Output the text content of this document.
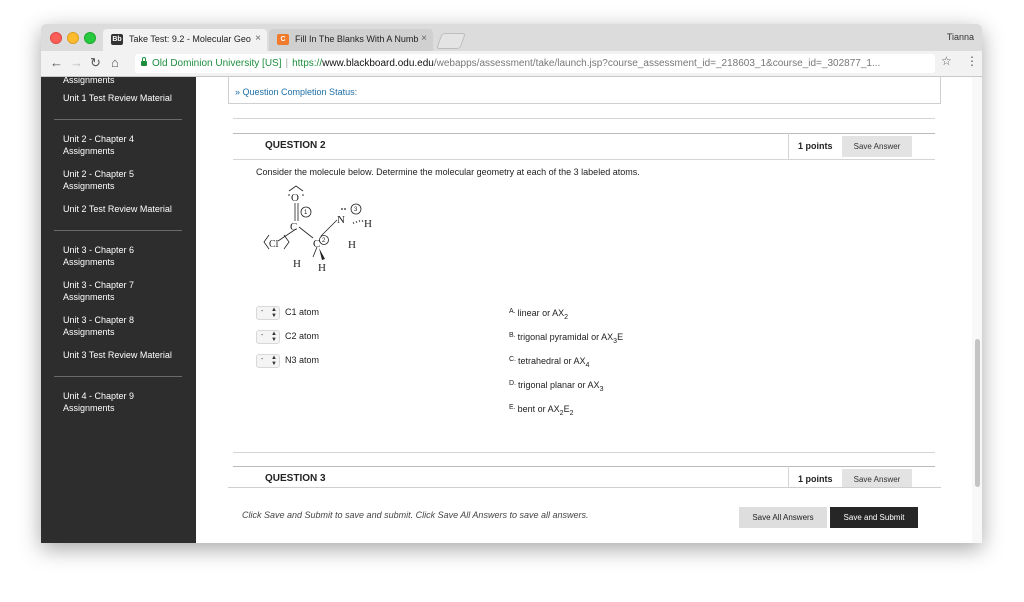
Bb Take Test: 9.2 - Molecular Geo ×	C	Fill In The Blanks With A Numb ×	Tianna
← → ↻ ⌂	Old Dominion University [US] | https://www.blackboard.odu.edu/webapps/assessment/take/launch.jsp?course_assessment_id=_218603_1&course_id=_302877_1...	☆ ⋮
Assignments
Unit 1 Test Review Material
Unit 2 - Chapter 4
Assignments
Unit 2 - Chapter 5
Assignments
Unit 2 Test Review Material
Unit 3 - Chapter 6
Assignments
Unit 3 - Chapter 7
Assignments
Unit 3 - Chapter 8
Assignments
Unit 3 Test Review Material
Unit 4 - Chapter 9
Assignments
» Question Completion Status:
QUESTION 2	1 points	Save Answer
Consider the molecule below. Determine the molecular geometry at each of the 3 labeled atoms.
O
C
Cl	C
N H
H
H H
1
2
3
- ▲
▼ C1 atom
- ▲
▼ C2 atom
- ▲
▼ N3 atom
$^{A.}$ linear or $AX_2$
$^{B.}$ trigonal pyramidal or $AX_3E$
$^{C.}$ tetrahedral or $AX_4$
$^{D.}$ trigonal planar or $AX_3$
$^{E.}$ bent or $AX_2E_2$
QUESTION 3	1 points	Save Answer
Click Save and Submit to save and submit. Click Save All Answers to save all answers.	Save All Answers	Save and Submit
